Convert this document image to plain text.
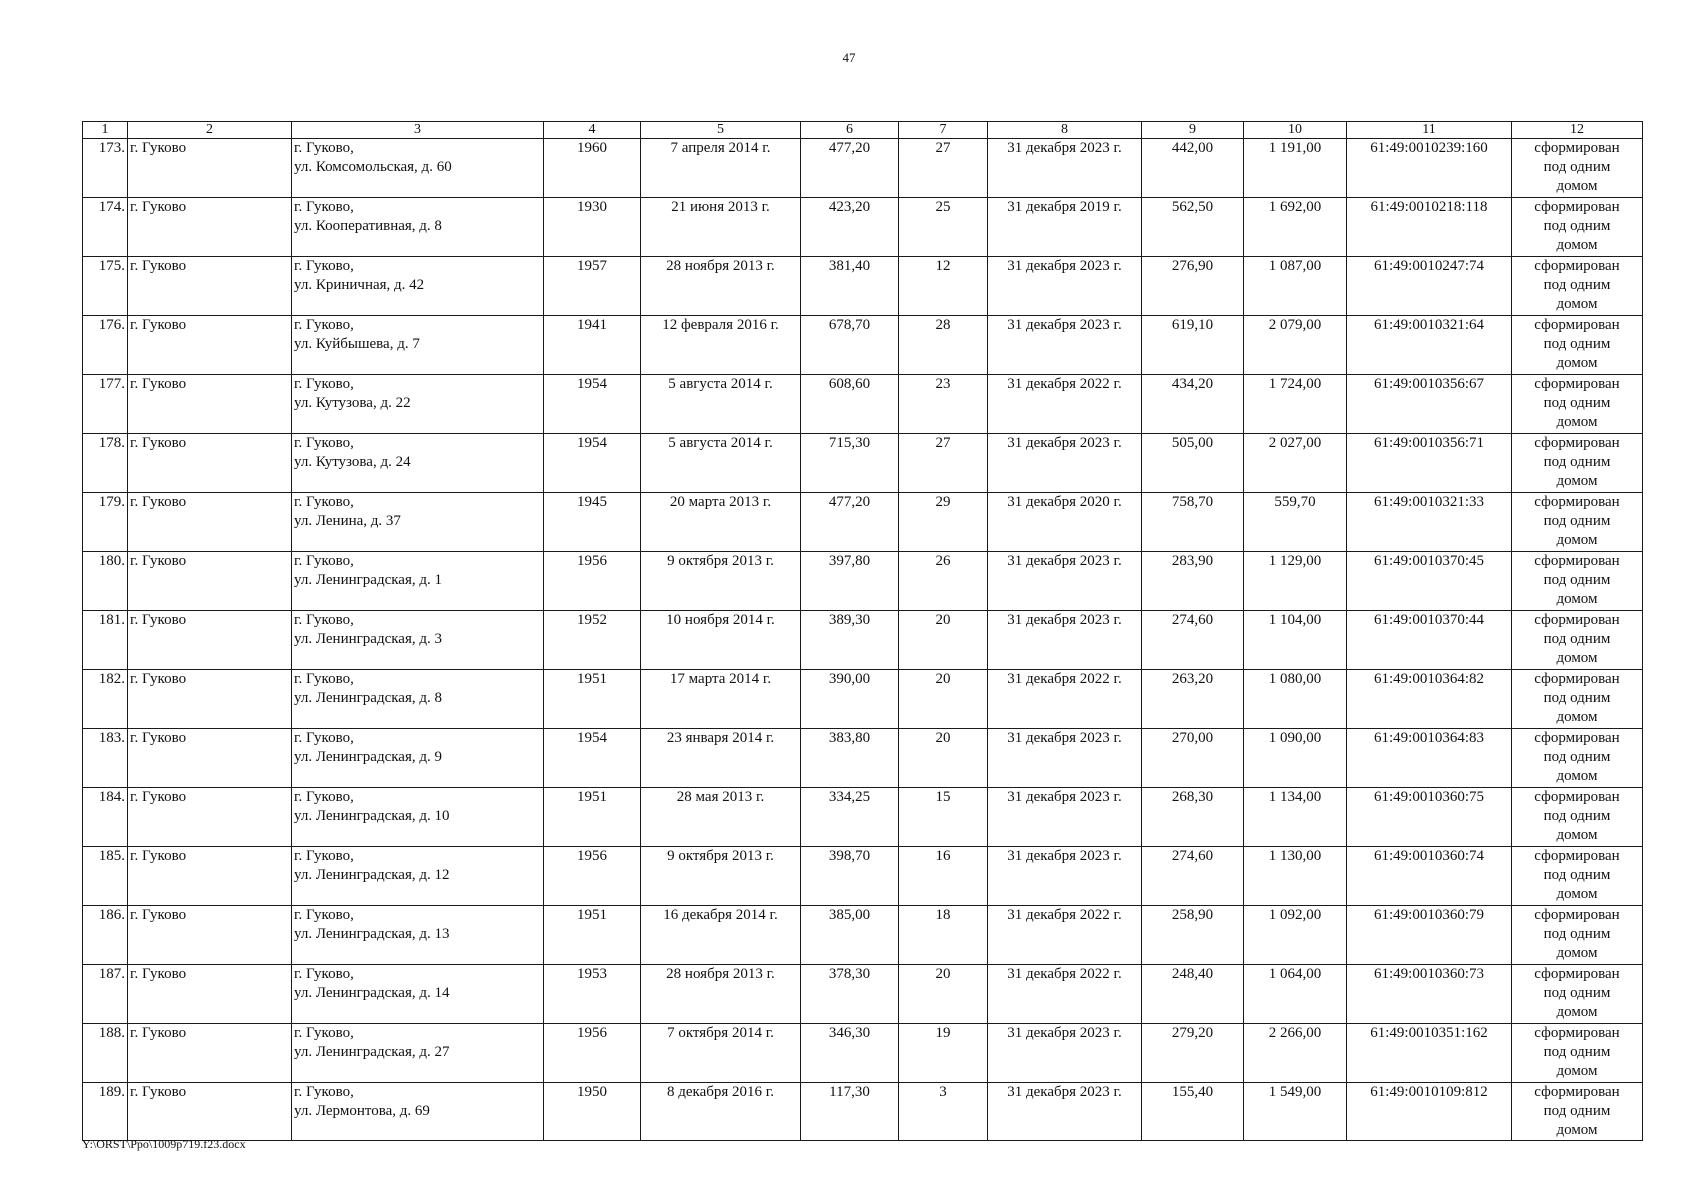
47
1	2	3	4	5	6	7	8	9	10	11	12

173.	г. Гуково	г. Гуково,
ул. Комсомольская, д. 60	1960	7 апреля 2014 г.	477,20	27	31 декабря 2023 г.	442,00	1 191,00	61:49:0010239:160	сформирован
под одним
домом

174.	г. Гуково	г. Гуково,
ул. Кооперативная, д. 8	1930	21 июня 2013 г.	423,20	25	31 декабря 2019 г.	562,50	1 692,00	61:49:0010218:118	сформирован
под одним
домом

175.	г. Гуково	г. Гуково,
ул. Криничная, д. 42	1957	28 ноября 2013 г.	381,40	12	31 декабря 2023 г.	276,90	1 087,00	61:49:0010247:74	сформирован
под одним
домом

176.	г. Гуково	г. Гуково,
ул. Куйбышева, д. 7	1941	12 февраля 2016 г.	678,70	28	31 декабря 2023 г.	619,10	2 079,00	61:49:0010321:64	сформирован
под одним
домом

177.	г. Гуково	г. Гуково,
ул. Кутузова, д. 22	1954	5 августа 2014 г.	608,60	23	31 декабря 2022 г.	434,20	1 724,00	61:49:0010356:67	сформирован
под одним
домом

178.	г. Гуково	г. Гуково,
ул. Кутузова, д. 24	1954	5 августа 2014 г.	715,30	27	31 декабря 2023 г.	505,00	2 027,00	61:49:0010356:71	сформирован
под одним
домом

179.	г. Гуково	г. Гуково,
ул. Ленина, д. 37	1945	20 марта 2013 г.	477,20	29	31 декабря 2020 г.	758,70	559,70	61:49:0010321:33	сформирован
под одним
домом

180.	г. Гуково	г. Гуково,
ул. Ленинградская, д. 1	1956	9 октября 2013 г.	397,80	26	31 декабря 2023 г.	283,90	1 129,00	61:49:0010370:45	сформирован
под одним
домом

181.	г. Гуково	г. Гуково,
ул. Ленинградская, д. 3	1952	10 ноября 2014 г.	389,30	20	31 декабря 2023 г.	274,60	1 104,00	61:49:0010370:44	сформирован
под одним
домом

182.	г. Гуково	г. Гуково,
ул. Ленинградская, д. 8	1951	17 марта 2014 г.	390,00	20	31 декабря 2022 г.	263,20	1 080,00	61:49:0010364:82	сформирован
под одним
домом

183.	г. Гуково	г. Гуково,
ул. Ленинградская, д. 9	1954	23 января 2014 г.	383,80	20	31 декабря 2023 г.	270,00	1 090,00	61:49:0010364:83	сформирован
под одним
домом

184.	г. Гуково	г. Гуково,
ул. Ленинградская, д. 10	1951	28 мая 2013 г.	334,25	15	31 декабря 2023 г.	268,30	1 134,00	61:49:0010360:75	сформирован
под одним
домом

185.	г. Гуково	г. Гуково,
ул. Ленинградская, д. 12	1956	9 октября 2013 г.	398,70	16	31 декабря 2023 г.	274,60	1 130,00	61:49:0010360:74	сформирован
под одним
домом

186.	г. Гуково	г. Гуково,
ул. Ленинградская, д. 13	1951	16 декабря 2014 г.	385,00	18	31 декабря 2022 г.	258,90	1 092,00	61:49:0010360:79	сформирован
под одним
домом

187.	г. Гуково	г. Гуково,
ул. Ленинградская, д. 14	1953	28 ноября 2013 г.	378,30	20	31 декабря 2022 г.	248,40	1 064,00	61:49:0010360:73	сформирован
под одним
домом

188.	г. Гуково	г. Гуково,
ул. Ленинградская, д. 27	1956	7 октября 2014 г.	346,30	19	31 декабря 2023 г.	279,20	2 266,00	61:49:0010351:162	сформирован
под одним
домом

189.	г. Гуково	г. Гуково,
ул. Лермонтова, д. 69	1950	8 декабря 2016 г.	117,30	3	31 декабря 2023 г.	155,40	1 549,00	61:49:0010109:812	сформирован
под одним
домом
Y:\ORST\Ppo\1009p719.f23.docx
